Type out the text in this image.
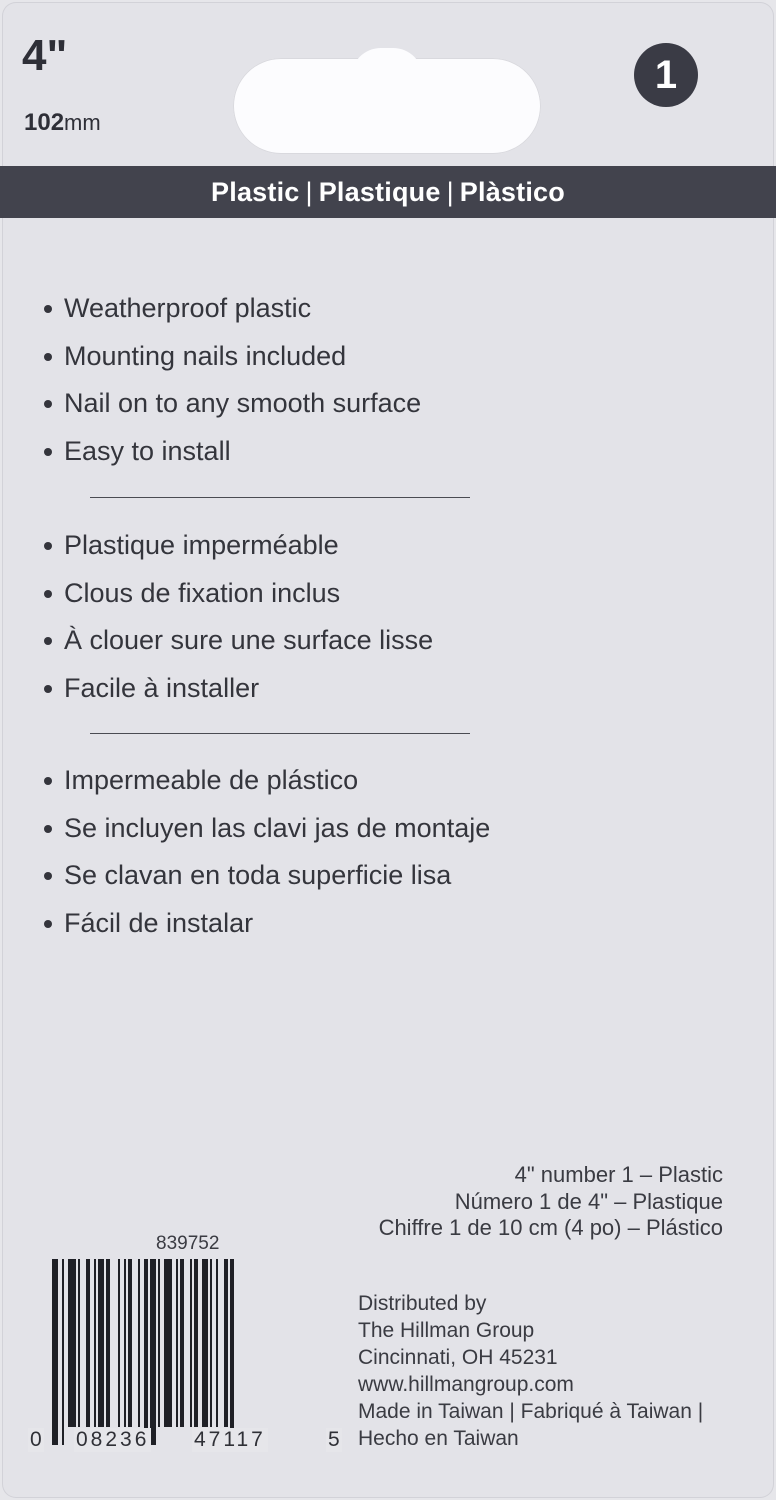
4"
102mm
1
Plastic | Plastique | Plàstico
Weatherproof plastic
Mounting nails included
Nail on to any smooth surface
Easy to install
Plastique imperméable
Clous de fixation inclus
À clouer sure une surface lisse
Facile à installer
Impermeable de plástico
Se incluyen las clavi jas de montaje
Se clavan en toda superficie lisa
Fácil de instalar
4" number 1 – Plastic
Número 1 de 4" – Plastique
Chiffre 1 de 10 cm (4 po) – Plástico
839752
0 08236 47117	5
Distributed by
The Hillman Group
Cincinnati, OH 45231
www.hillmangroup.com
Made in Taiwan | Fabriqué à Taiwan |
Hecho en Taiwan
